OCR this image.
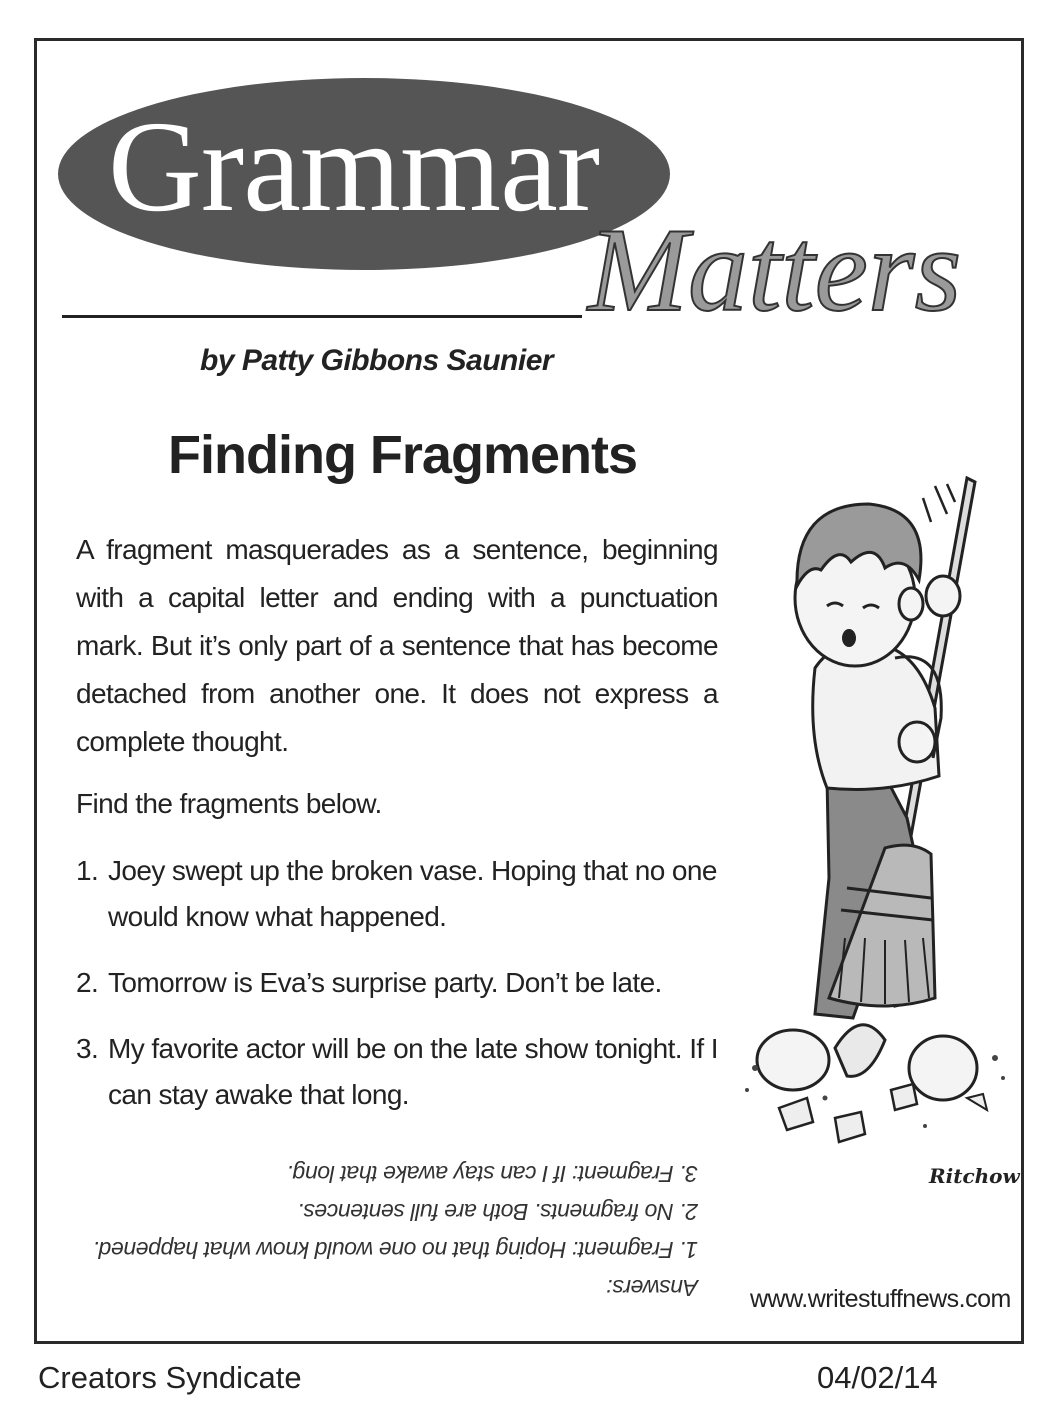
Grammar
Matters
by Patty Gibbons Saunier
Finding Fragments

A fragment masquerades as a sentence, beginning with a capital letter and ending with a punctuation mark. But it’s only part of a sentence that has become detached from another one. It does not express a complete thought.

Find the fragments below.
1. Joey swept up the broken vase. Hoping that no one would know what happened.
2. Tomorrow is Eva’s surprise party. Don’t be late.
3. My favorite actor will be on the late show tonight. If I can stay awake that long.
Answers:
1. Fragment: Hoping that no one would know what happened.
2. No fragments. Both are full sentences.
3. Fragment: If I can stay awake that long.	Ritchow
www.writestuffnews.com
Creators Syndicate	04/02/14
